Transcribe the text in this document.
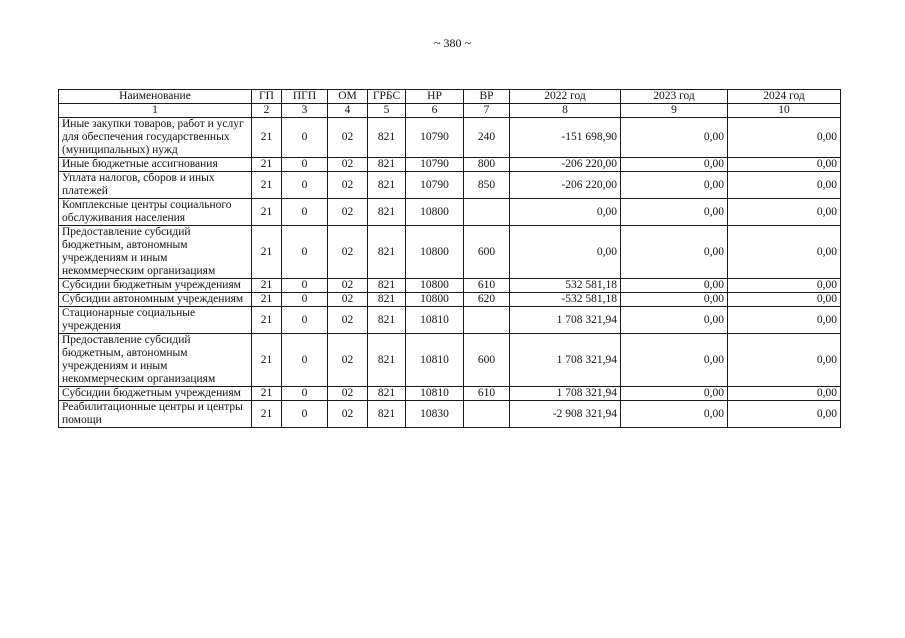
~ 380 ~
Наименование	ГП	ПГП	ОМ	ГРБС	НР	ВР	2022 год	2023 год	2024 год
1	2	3	4	5	6	7	8	9	10
Иные закупки товаров, работ и услуг для обеспечения государственных (муниципальных) нужд	21	0	02	821	10790	240	-151 698,90	0,00	0,00
Иные бюджетные ассигнования	21	0	02	821	10790	800	-206 220,00	0,00	0,00
Уплата налогов, сборов и иных платежей	21	0	02	821	10790	850	-206 220,00	0,00	0,00
Комплексные центры социального обслуживания населения	21	0	02	821	10800		0,00	0,00	0,00
Предоставление субсидий бюджетным, автономным учреждениям и иным некоммерческим организациям	21	0	02	821	10800	600	0,00	0,00	0,00
Субсидии бюджетным учреждениям	21	0	02	821	10800	610	532 581,18	0,00	0,00
Субсидии автономным учреждениям	21	0	02	821	10800	620	-532 581,18	0,00	0,00
Стационарные социальные учреждения	21	0	02	821	10810		1 708 321,94	0,00	0,00
Предоставление субсидий бюджетным, автономным учреждениям и иным некоммерческим организациям	21	0	02	821	10810	600	1 708 321,94	0,00	0,00
Субсидии бюджетным учреждениям	21	0	02	821	10810	610	1 708 321,94	0,00	0,00
Реабилитационные центры и центры помощи	21	0	02	821	10830		-2 908 321,94	0,00	0,00
